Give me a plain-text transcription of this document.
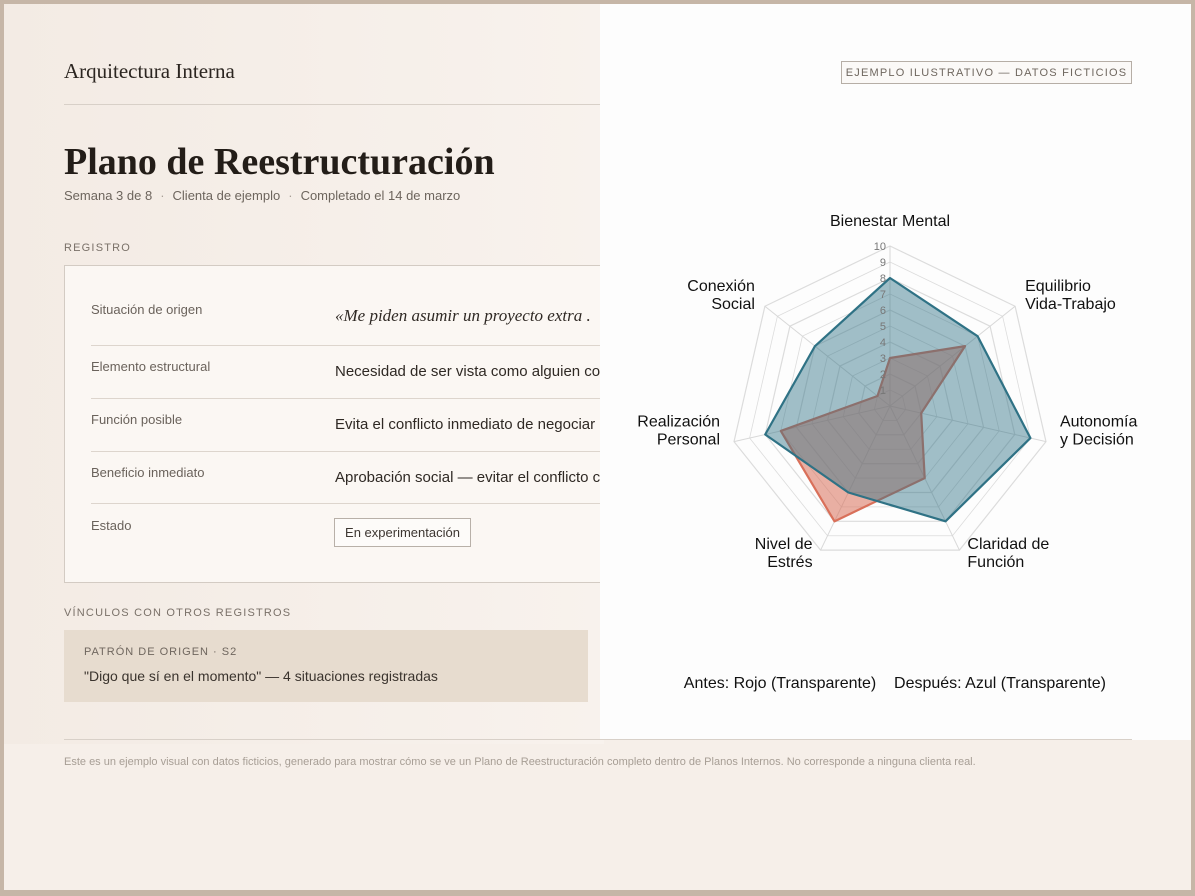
Arquitectura Interna
Plano de Reestructuración
Semana 3 de 8 · Clienta de ejemplo · Completado el 14 de marzo
REGISTRO
Situación de origen	«Me piden asumir un proyecto extra .
Elemento estructural	Necesidad de ser vista como alguien co
Función posible	Evita el conflicto inmediato de negociar
Beneficio inmediato	Aprobación social — evitar el conflicto c
Estado	En experimentación
VÍNCULOS CON OTROS REGISTROS
PATRÓN DE ORIGEN · S2
"Digo que sí en el momento" — 4 situaciones registradas
1
2
3
4
5
6
7
8
9
10
Bienestar Mental
Equilibrio
Vida-Trabajo
Autonomía
y Decisión
Claridad de
Función
Nivel de
Estrés
Realización
Personal
Conexión
Social
Antes: Rojo (Transparente) Después: Azul (Transparente)
EJEMPLO ILUSTRATIVO — DATOS FICTICIOS
Este es un ejemplo visual con datos ficticios, generado para mostrar cómo se ve un Plano de Reestructuración completo dentro de Planos Internos. No corresponde a ninguna clienta real.
